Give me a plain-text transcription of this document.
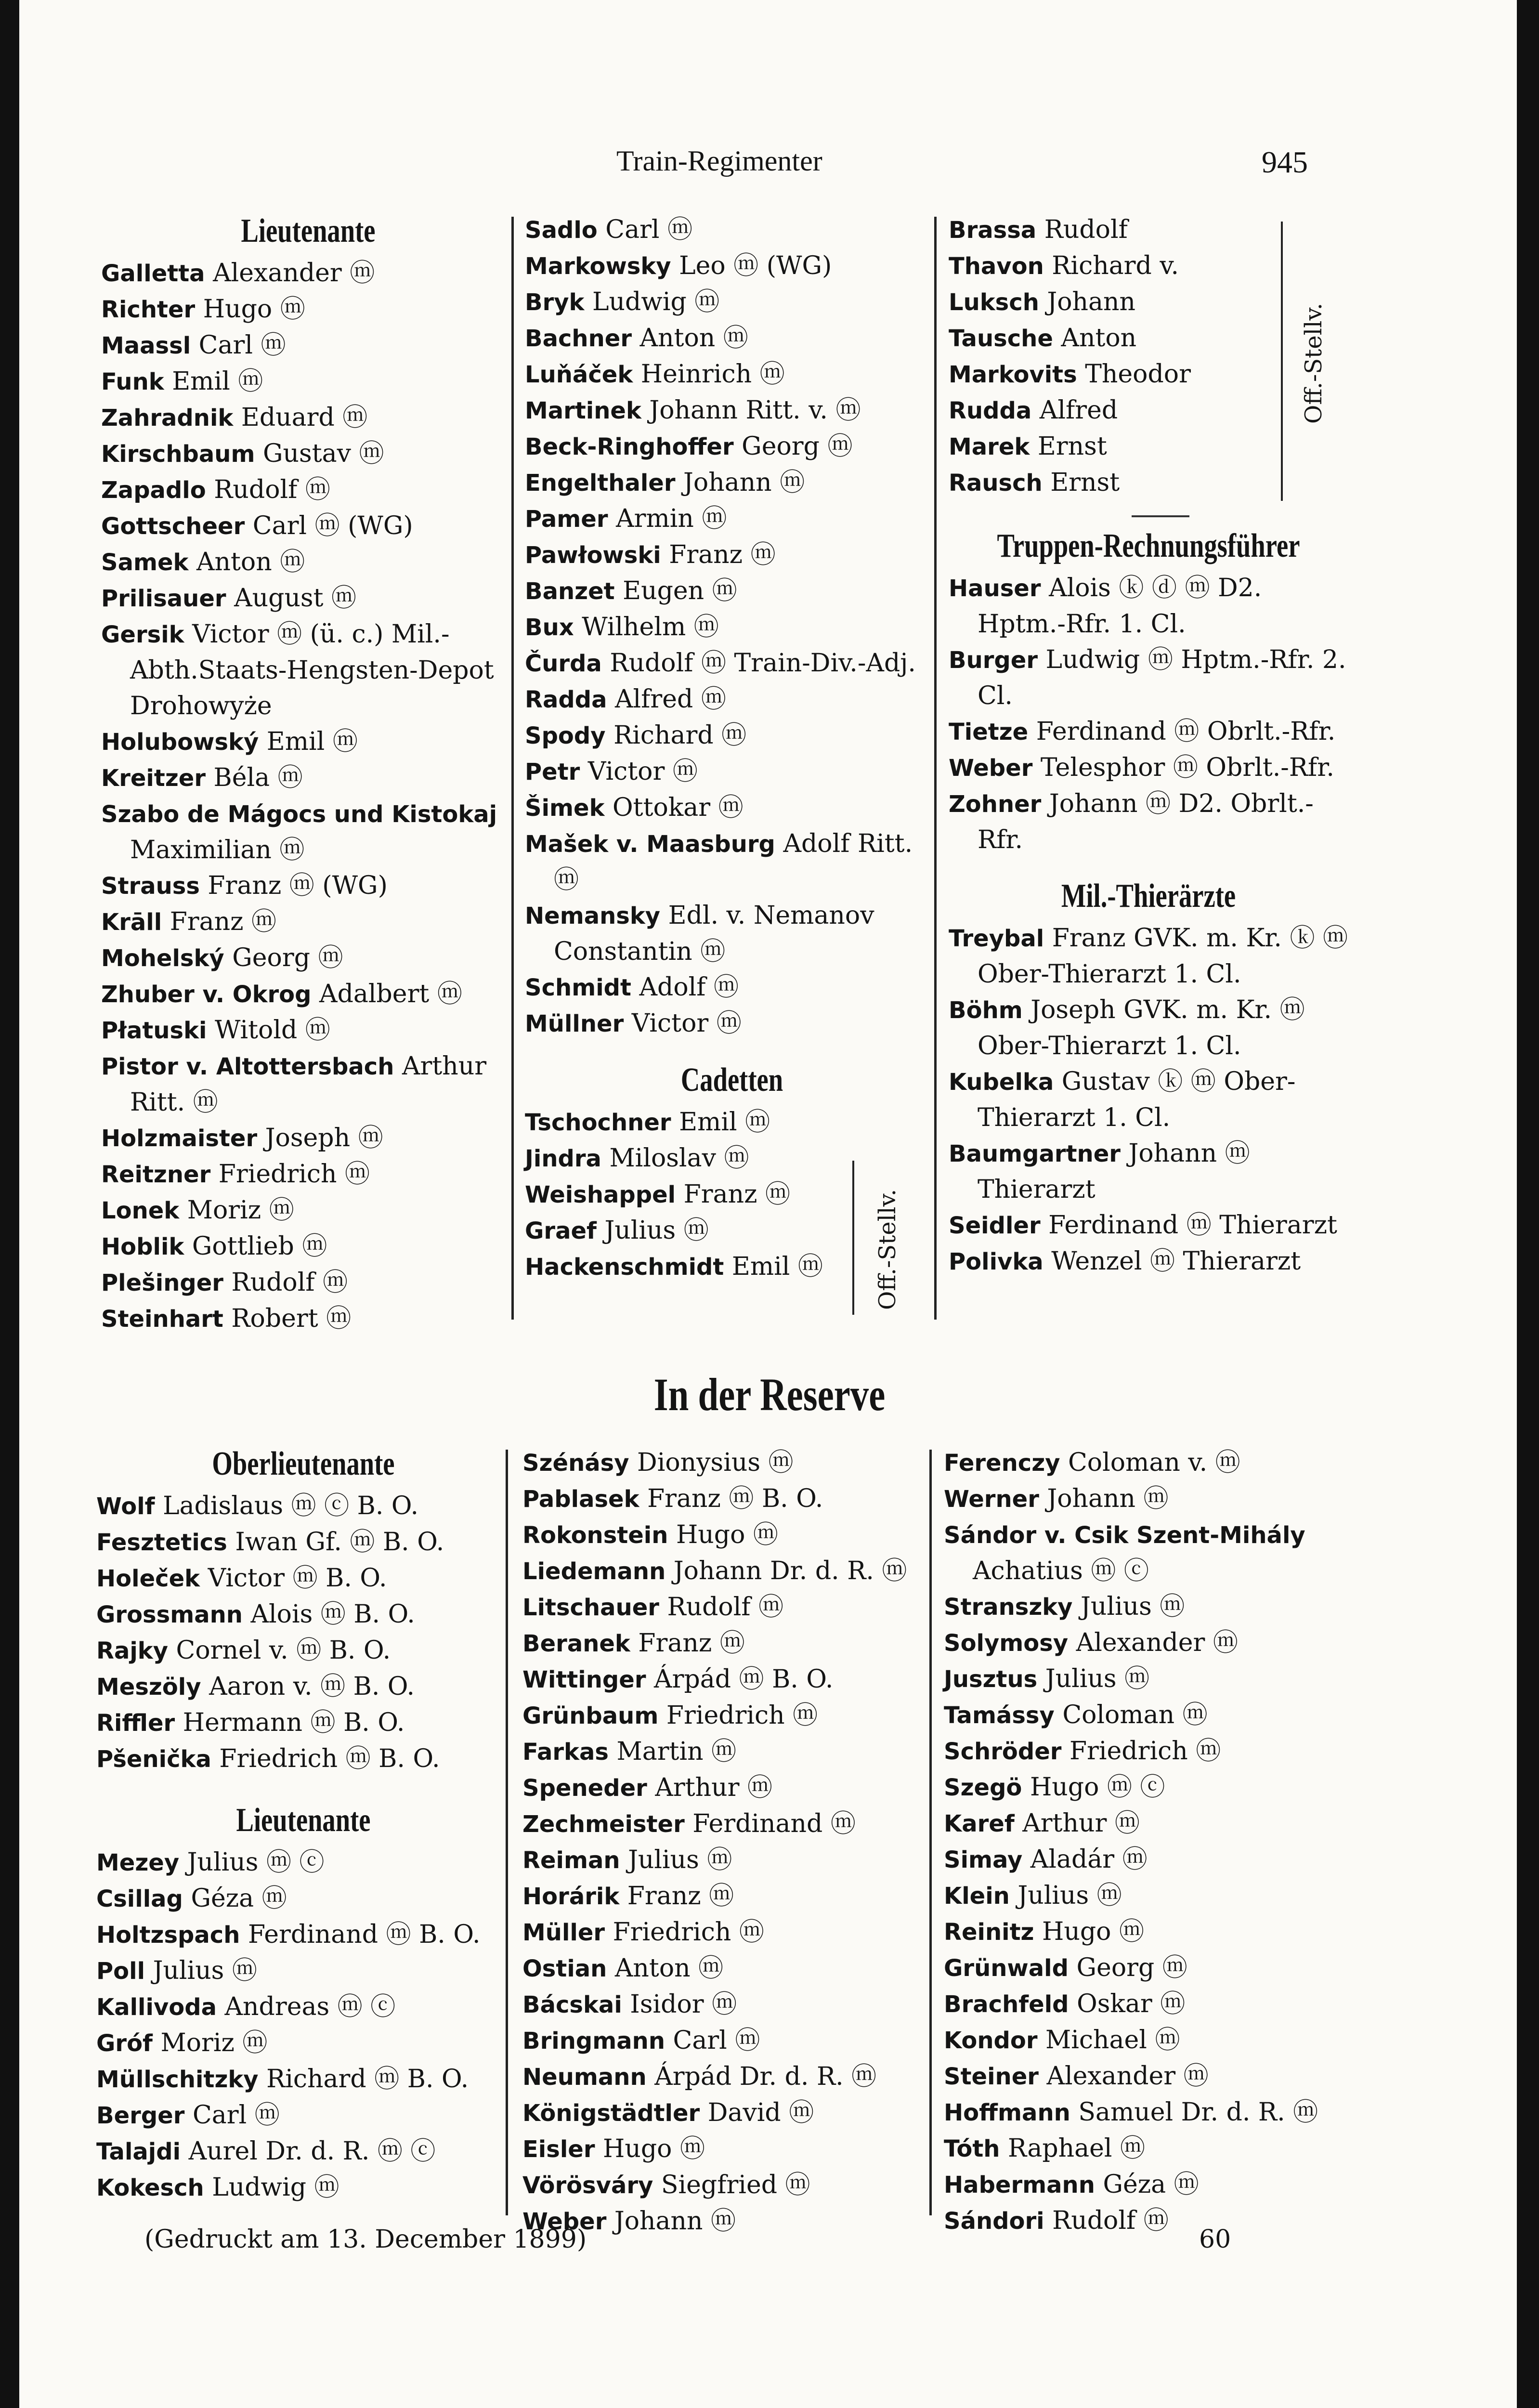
Train-Regimenter	945
Lieutenante
Galletta Alexander ⓜ
Richter Hugo ⓜ
Maassl Carl ⓜ
Funk Emil ⓜ
Zahradnik Eduard ⓜ
Kirschbaum Gustav ⓜ
Zapadlo Rudolf ⓜ
Gottscheer Carl ⓜ (WG)
Samek Anton ⓜ
Prilisauer August ⓜ
Gersik Victor ⓜ (ü. c.) Mil.-Abth.Staats-Hengsten-Depot Drohowyże
Holubowský Emil ⓜ
Kreitzer Béla ⓜ
Szabo de Mágocs und Kistokaj Maximilian ⓜ
Strauss Franz ⓜ (WG)
Krāll Franz ⓜ
Mohelský Georg ⓜ
Zhuber v. Okrog Adalbert ⓜ
Płatuski Witold ⓜ
Pistor v. Altottersbach Arthur Ritt. ⓜ
Holzmaister Joseph ⓜ
Reitzner Friedrich ⓜ
Lonek Moriz ⓜ
Hoblik Gottlieb ⓜ
Plešinger Rudolf ⓜ
Steinhart Robert ⓜ
Sadlo Carl ⓜ
Markowsky Leo ⓜ (WG)
Bryk Ludwig ⓜ
Bachner Anton ⓜ
Luňáček Heinrich ⓜ
Martinek Johann Ritt. v. ⓜ
Beck-Ringhoffer Georg ⓜ
Engelthaler Johann ⓜ
Pamer Armin ⓜ
Pawłowski Franz ⓜ
Banzet Eugen ⓜ
Bux Wilhelm ⓜ
Čurda Rudolf ⓜ Train-Div.-Adj.
Radda Alfred ⓜ
Spody Richard ⓜ
Petr Victor ⓜ
Šimek Ottokar ⓜ
Mašek v. Maasburg Adolf Ritt. ⓜ
Nemansky Edl. v. Nemanov Constantin ⓜ
Schmidt Adolf ⓜ
Müllner Victor ⓜ
Cadetten
Tschochner Emil ⓜ
Jindra Miloslav ⓜ
Weishappel Franz ⓜ
Graef Julius ⓜ
Hackenschmidt Emil ⓜ	Off.-Stellv.
Brassa Rudolf
Thavon Richard v.
Luksch Johann
Tausche Anton
Markovits Theodor
Rudda Alfred
Marek Ernst
Rausch Ernst
Truppen-Rechnungsführer
Hauser Alois ⓚ ⓓ ⓜ D2. Hptm.-Rfr. 1. Cl.
Burger Ludwig ⓜ Hptm.-Rfr. 2. Cl.
Tietze Ferdinand ⓜ Obrlt.-Rfr.
Weber Telesphor ⓜ Obrlt.-Rfr.
Zohner Johann ⓜ D2. Obrlt.-Rfr.
Mil.-Thierärzte
Treybal Franz GVK. m. Kr. ⓚ ⓜ Ober-Thierarzt 1. Cl.
Böhm Joseph GVK. m. Kr. ⓜ Ober-Thierarzt 1. Cl.
Kubelka Gustav ⓚ ⓜ Ober-Thierarzt 1. Cl.
Baumgartner Johann ⓜ Thierarzt
Seidler Ferdinand ⓜ Thierarzt
Polivka Wenzel ⓜ Thierarzt
Off.-Stellv.
In der Reserve
Oberlieutenante
Wolf Ladislaus ⓜ ⓒ B. O.
Fesztetics Iwan Gf. ⓜ B. O.
Holeček Victor ⓜ B. O.
Grossmann Alois ⓜ B. O.
Rajky Cornel v. ⓜ B. O.
Meszöly Aaron v. ⓜ B. O.
Riffler Hermann ⓜ B. O.
Pšenička Friedrich ⓜ B. O.
Lieutenante
Mezey Julius ⓜ ⓒ
Csillag Géza ⓜ
Holtzspach Ferdinand ⓜ B. O.
Poll Julius ⓜ
Kallivoda Andreas ⓜ ⓒ
Gróf Moriz ⓜ
Müllschitzky Richard ⓜ B. O.
Berger Carl ⓜ
Talajdi Aurel Dr. d. R. ⓜ ⓒ
Kokesch Ludwig ⓜ
Szénásy Dionysius ⓜ
Pablasek Franz ⓜ B. O.
Rokonstein Hugo ⓜ
Liedemann Johann Dr. d. R. ⓜ
Litschauer Rudolf ⓜ
Beranek Franz ⓜ
Wittinger Árpád ⓜ B. O.
Grünbaum Friedrich ⓜ
Farkas Martin ⓜ
Speneder Arthur ⓜ
Zechmeister Ferdinand ⓜ
Reiman Julius ⓜ
Horárik Franz ⓜ
Müller Friedrich ⓜ
Ostian Anton ⓜ
Bácskai Isidor ⓜ
Bringmann Carl ⓜ
Neumann Árpád Dr. d. R. ⓜ
Königstädtler David ⓜ
Eisler Hugo ⓜ
Vörösváry Siegfried ⓜ
Weber Johann ⓜ
Ferenczy Coloman v. ⓜ
Werner Johann ⓜ
Sándor v. Csik Szent-Mihály Achatius ⓜ ⓒ
Stranszky Julius ⓜ
Solymosy Alexander ⓜ
Jusztus Julius ⓜ
Tamássy Coloman ⓜ
Schröder Friedrich ⓜ
Szegö Hugo ⓜ ⓒ
Karef Arthur ⓜ
Simay Aladár ⓜ
Klein Julius ⓜ
Reinitz Hugo ⓜ
Grünwald Georg ⓜ
Brachfeld Oskar ⓜ
Kondor Michael ⓜ
Steiner Alexander ⓜ
Hoffmann Samuel Dr. d. R. ⓜ
Tóth Raphael ⓜ
Habermann Géza ⓜ
Sándori Rudolf ⓜ
(Gedruckt am 13. December 1899)	60
